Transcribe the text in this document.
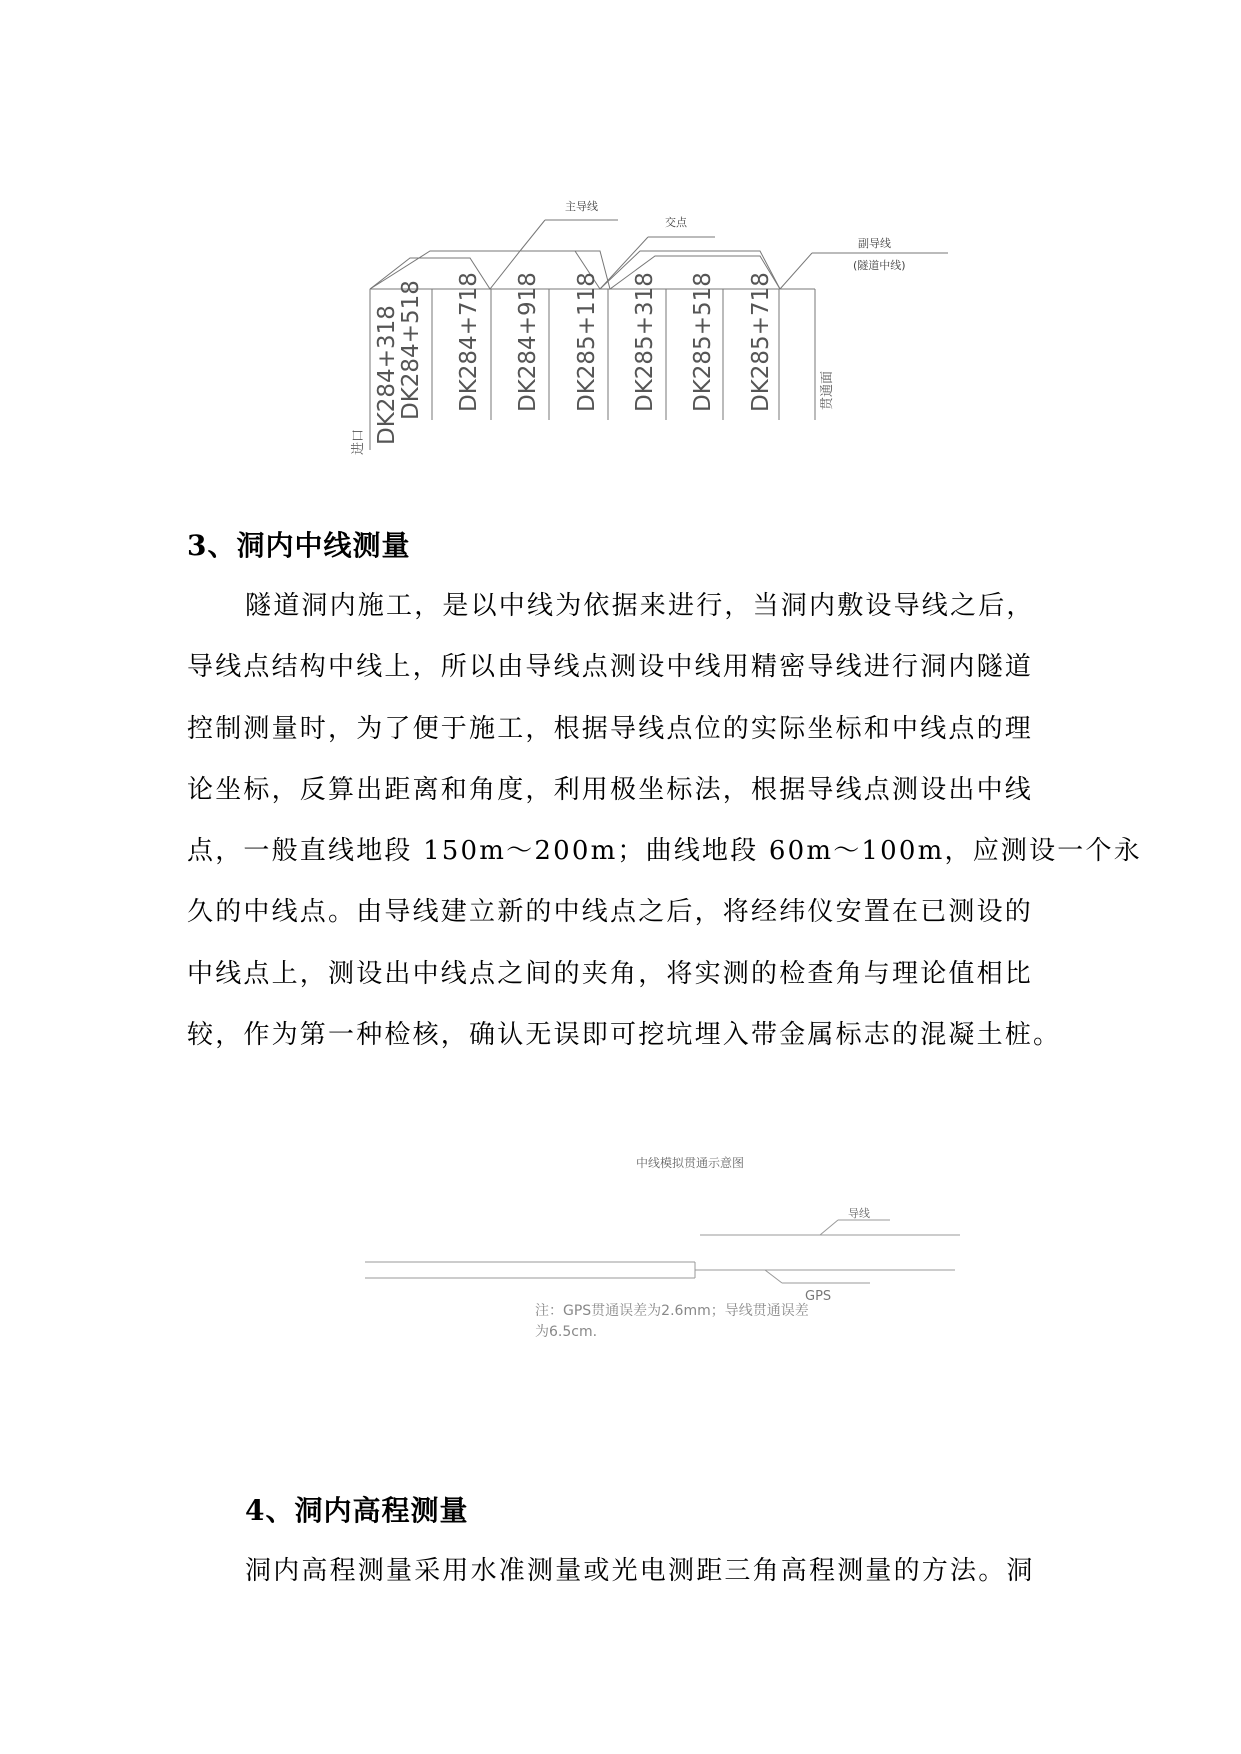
主导线
交点
副导线
(隧道中线)
DK284+318
DK284+518 DK284+718 DK284+918 DK285+118 DK285+318 DK285+518 DK285+718
进口
贯通面
3、洞内中线测量
隧道洞内施工，是以中线为依据来进行，当洞内敷设导线之后，
导线点结构中线上，所以由导线点测设中线用精密导线进行洞内隧道
控制测量时，为了便于施工，根据导线点位的实际坐标和中线点的理
论坐标，反算出距离和角度，利用极坐标法，根据导线点测设出中线
点，一般直线地段 150m～200m；曲线地段 60m～100m，应测设一个永
久的中线点。由导线建立新的中线点之后，将经纬仪安置在已测设的
中线点上，测设出中线点之间的夹角，将实测的检查角与理论值相比
较，作为第一种检核，确认无误即可挖坑埋入带金属标志的混凝土桩。
中线模拟贯通示意图
导线
GPS
注：GPS贯通误差为2.6mm；导线贯通误差
为6.5cm.
4、洞内高程测量
洞内高程测量采用水准测量或光电测距三角高程测量的方法。洞
